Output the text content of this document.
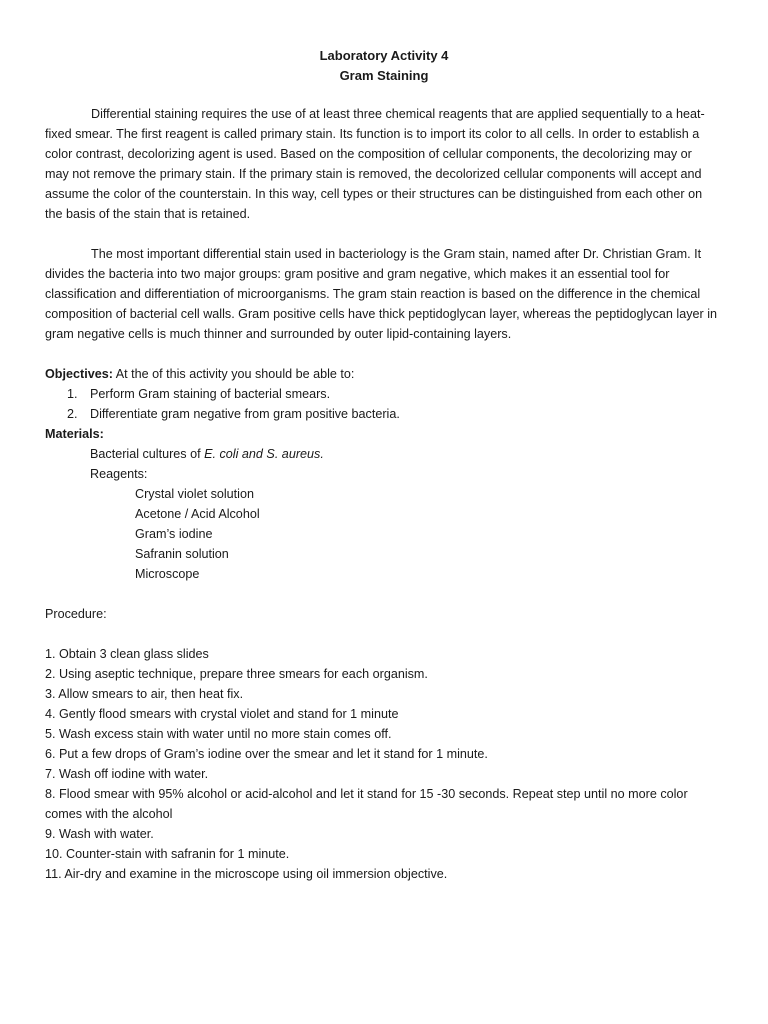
Laboratory Activity 4
Gram Staining

Differential staining requires the use of at least three chemical reagents that are applied sequentially to a heat-fixed smear. The first reagent is called primary stain. Its function is to import its color to all cells. In order to establish a color contrast, decolorizing agent is used. Based on the composition of cellular components, the decolorizing may or may not remove the primary stain. If the primary stain is removed, the decolorized cellular components will accept and assume the color of the counterstain. In this way, cell types or their structures can be distinguished from each other on the basis of the stain that is retained.

The most important differential stain used in bacteriology is the Gram stain, named after Dr. Christian Gram. It divides the bacteria into two major groups: gram positive and gram negative, which makes it an essential tool for classification and differentiation of microorganisms. The gram stain reaction is based on the difference in the chemical composition of bacterial cell walls. Gram positive cells have thick peptidoglycan layer, whereas the peptidoglycan layer in gram negative cells is much thinner and surrounded by outer lipid-containing layers.

Objectives: At the of this activity you should be able to:
1. Perform Gram staining of bacterial smears.
2. Differentiate gram negative from gram positive bacteria.
Materials:
Bacterial cultures of E. coli and S. aureus.
Reagents:
Crystal violet solution
Acetone / Acid Alcohol
Gram’s iodine
Safranin solution
Microscope
Procedure:
1. Obtain 3 clean glass slides
2. Using aseptic technique, prepare three smears for each organism.
3. Allow smears to air, then heat fix.
4. Gently flood smears with crystal violet and stand for 1 minute
5. Wash excess stain with water until no more stain comes off.
6. Put a few drops of Gram’s iodine over the smear and let it stand for 1 minute.
7. Wash off iodine with water.
8. Flood smear with 95% alcohol or acid-alcohol and let it stand for 15 -30 seconds. Repeat step until no more color comes with the alcohol
9. Wash with water.
10. Counter-stain with safranin for 1 minute.
11. Air-dry and examine in the microscope using oil immersion objective.
